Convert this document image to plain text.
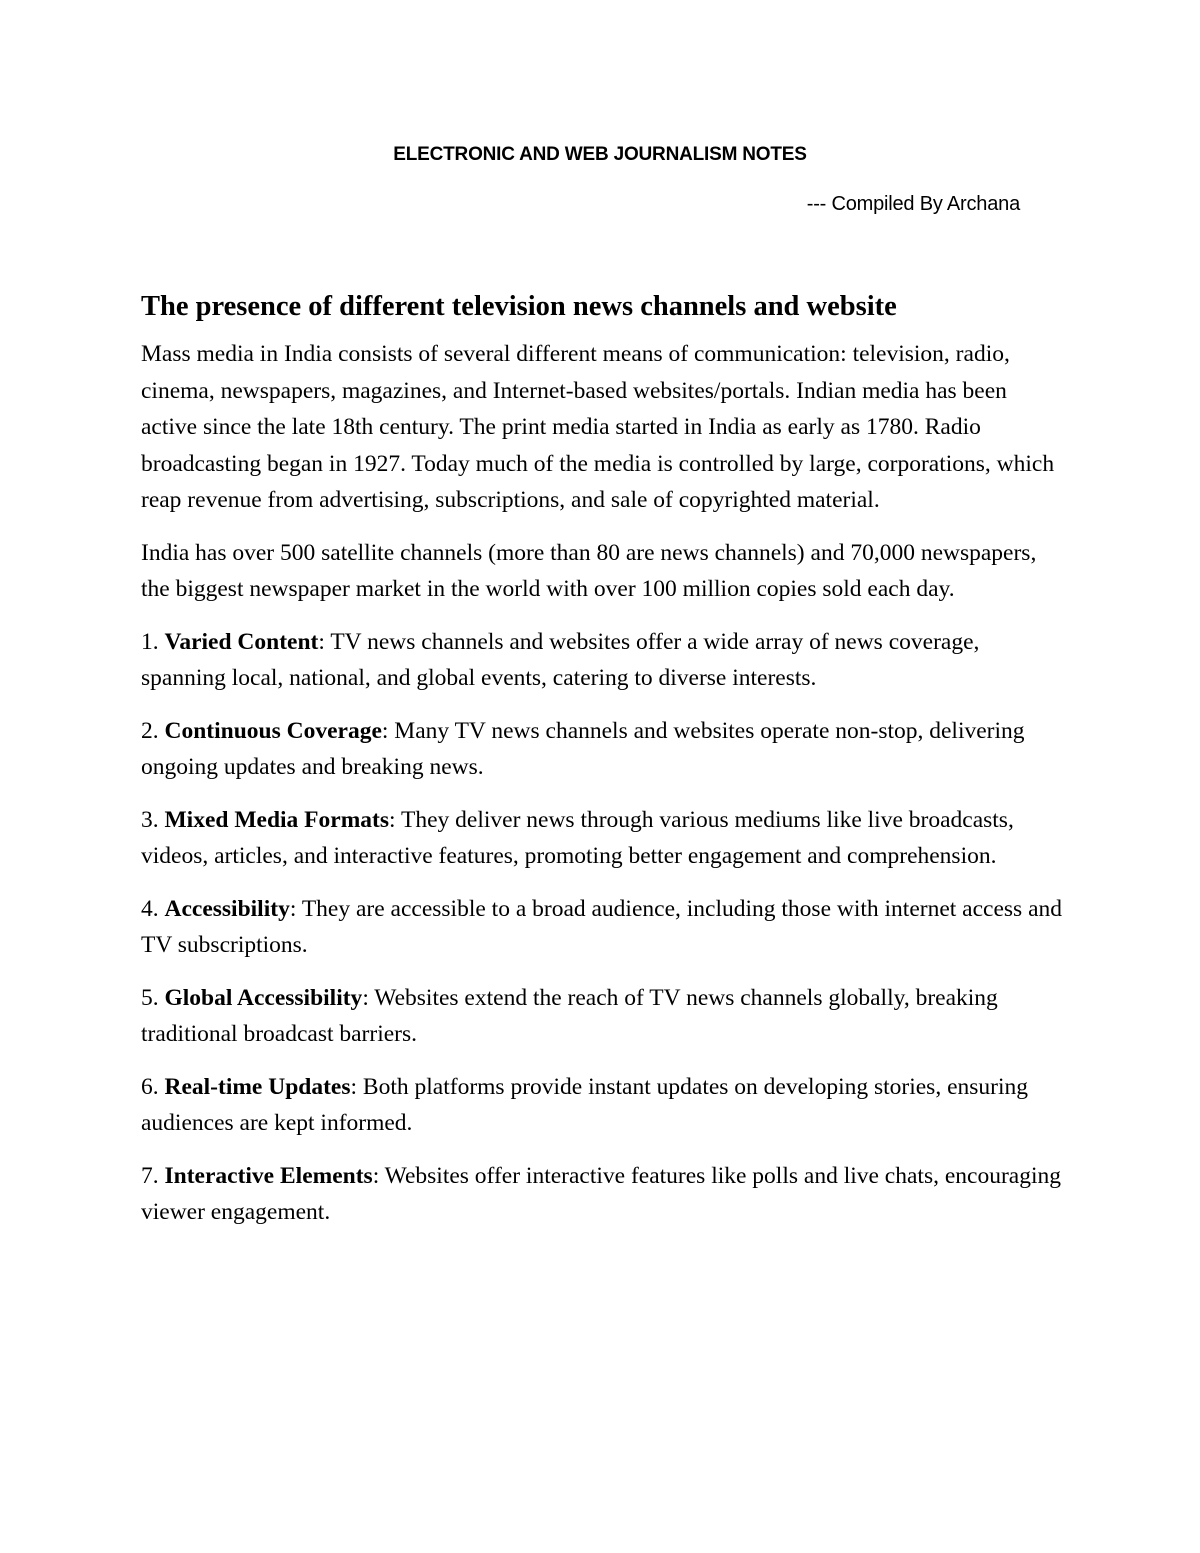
ELECTRONIC AND WEB JOURNALISM NOTES
--- Compiled By Archana
The presence of different television news channels and website

Mass media in India consists of several different means of communication: television, radio, cinema, newspapers, magazines, and Internet-based websites/portals. Indian media has been active since the late 18th century. The print media started in India as early as 1780. Radio broadcasting began in 1927. Today much of the media is controlled by large, corporations, which reap revenue from advertising, subscriptions, and sale of copyrighted material.

India has over 500 satellite channels (more than 80 are news channels) and 70,000 newspapers, the biggest newspaper market in the world with over 100 million copies sold each day.

1. Varied Content: TV news channels and websites offer a wide array of news coverage, spanning local, national, and global events, catering to diverse interests.

2. Continuous Coverage: Many TV news channels and websites operate non-stop, delivering ongoing updates and breaking news.

3. Mixed Media Formats: They deliver news through various mediums like live broadcasts, videos, articles, and interactive features, promoting better engagement and comprehension.

4. Accessibility: They are accessible to a broad audience, including those with internet access and TV subscriptions.

5. Global Accessibility: Websites extend the reach of TV news channels globally, breaking traditional broadcast barriers.

6. Real-time Updates: Both platforms provide instant updates on developing stories, ensuring audiences are kept informed.

7. Interactive Elements: Websites offer interactive features like polls and live chats, encouraging viewer engagement.
